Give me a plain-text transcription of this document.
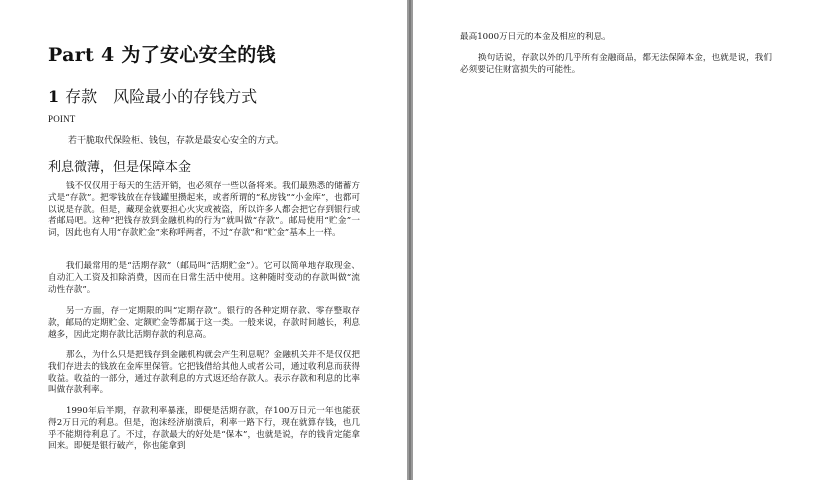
Part 4 为了安心安全的钱
1 存款　风险最小的存钱方式
POINT

若干脆取代保险柜、钱包，存款是最安心安全的方式。

利息微薄，但是保障本金

钱不仅仅用于每天的生活开销，也必须存一些以备将来。我们最熟悉的储蓄方式是“存款”。把零钱放在存钱罐里攒起来，或者所谓的“私房钱”“小金库”，也都可以说是存款。但是，藏现金就要担心火灾或被盗，所以许多人都会把它存到银行或者邮局吧。这种“把钱存放到金融机构的行为”就叫做“存款”。邮局使用“贮金”一词，因此也有人用“存款贮金”来称呼两者，不过“存款”和“贮金”基本上一样。

我们最常用的是“活期存款”（邮局叫“活期贮金”）。它可以简单地存取现金、自动汇入工资及扣除消费，因而在日常生活中使用。这种随时变动的存款叫做“流动性存款”。

另一方面，存一定期限的叫“定期存款”。银行的各种定期存款、零存整取存款，邮局的定期贮金、定额贮金等都属于这一类。一般来说，存款时间越长，利息越多，因此定期存款比活期存款的利息高。

那么，为什么只是把钱存到金融机构就会产生利息呢？金融机关并不是仅仅把我们存进去的钱放在金库里保管。它把钱借给其他人或者公司，通过收利息而获得收益。收益的一部分，通过存款利息的方式返还给存款人。表示存款和利息的比率叫做存款利率。

1990年后半期，存款利率暴涨，即便是活期存款，存100万日元一年也能获得2万日元的利息。但是，泡沫经济崩溃后，利率一路下行，现在就算存钱，也几乎不能期待利息了。不过，存款最大的好处是“保本”，也就是说，存的钱肯定能拿回来。即便是银行破产，你也能拿到

最高1000万日元的本金及相应的利息。

换句话说，存款以外的几乎所有金融商品，都无法保障本金，也就是说，我们必须要记住财富损失的可能性。
